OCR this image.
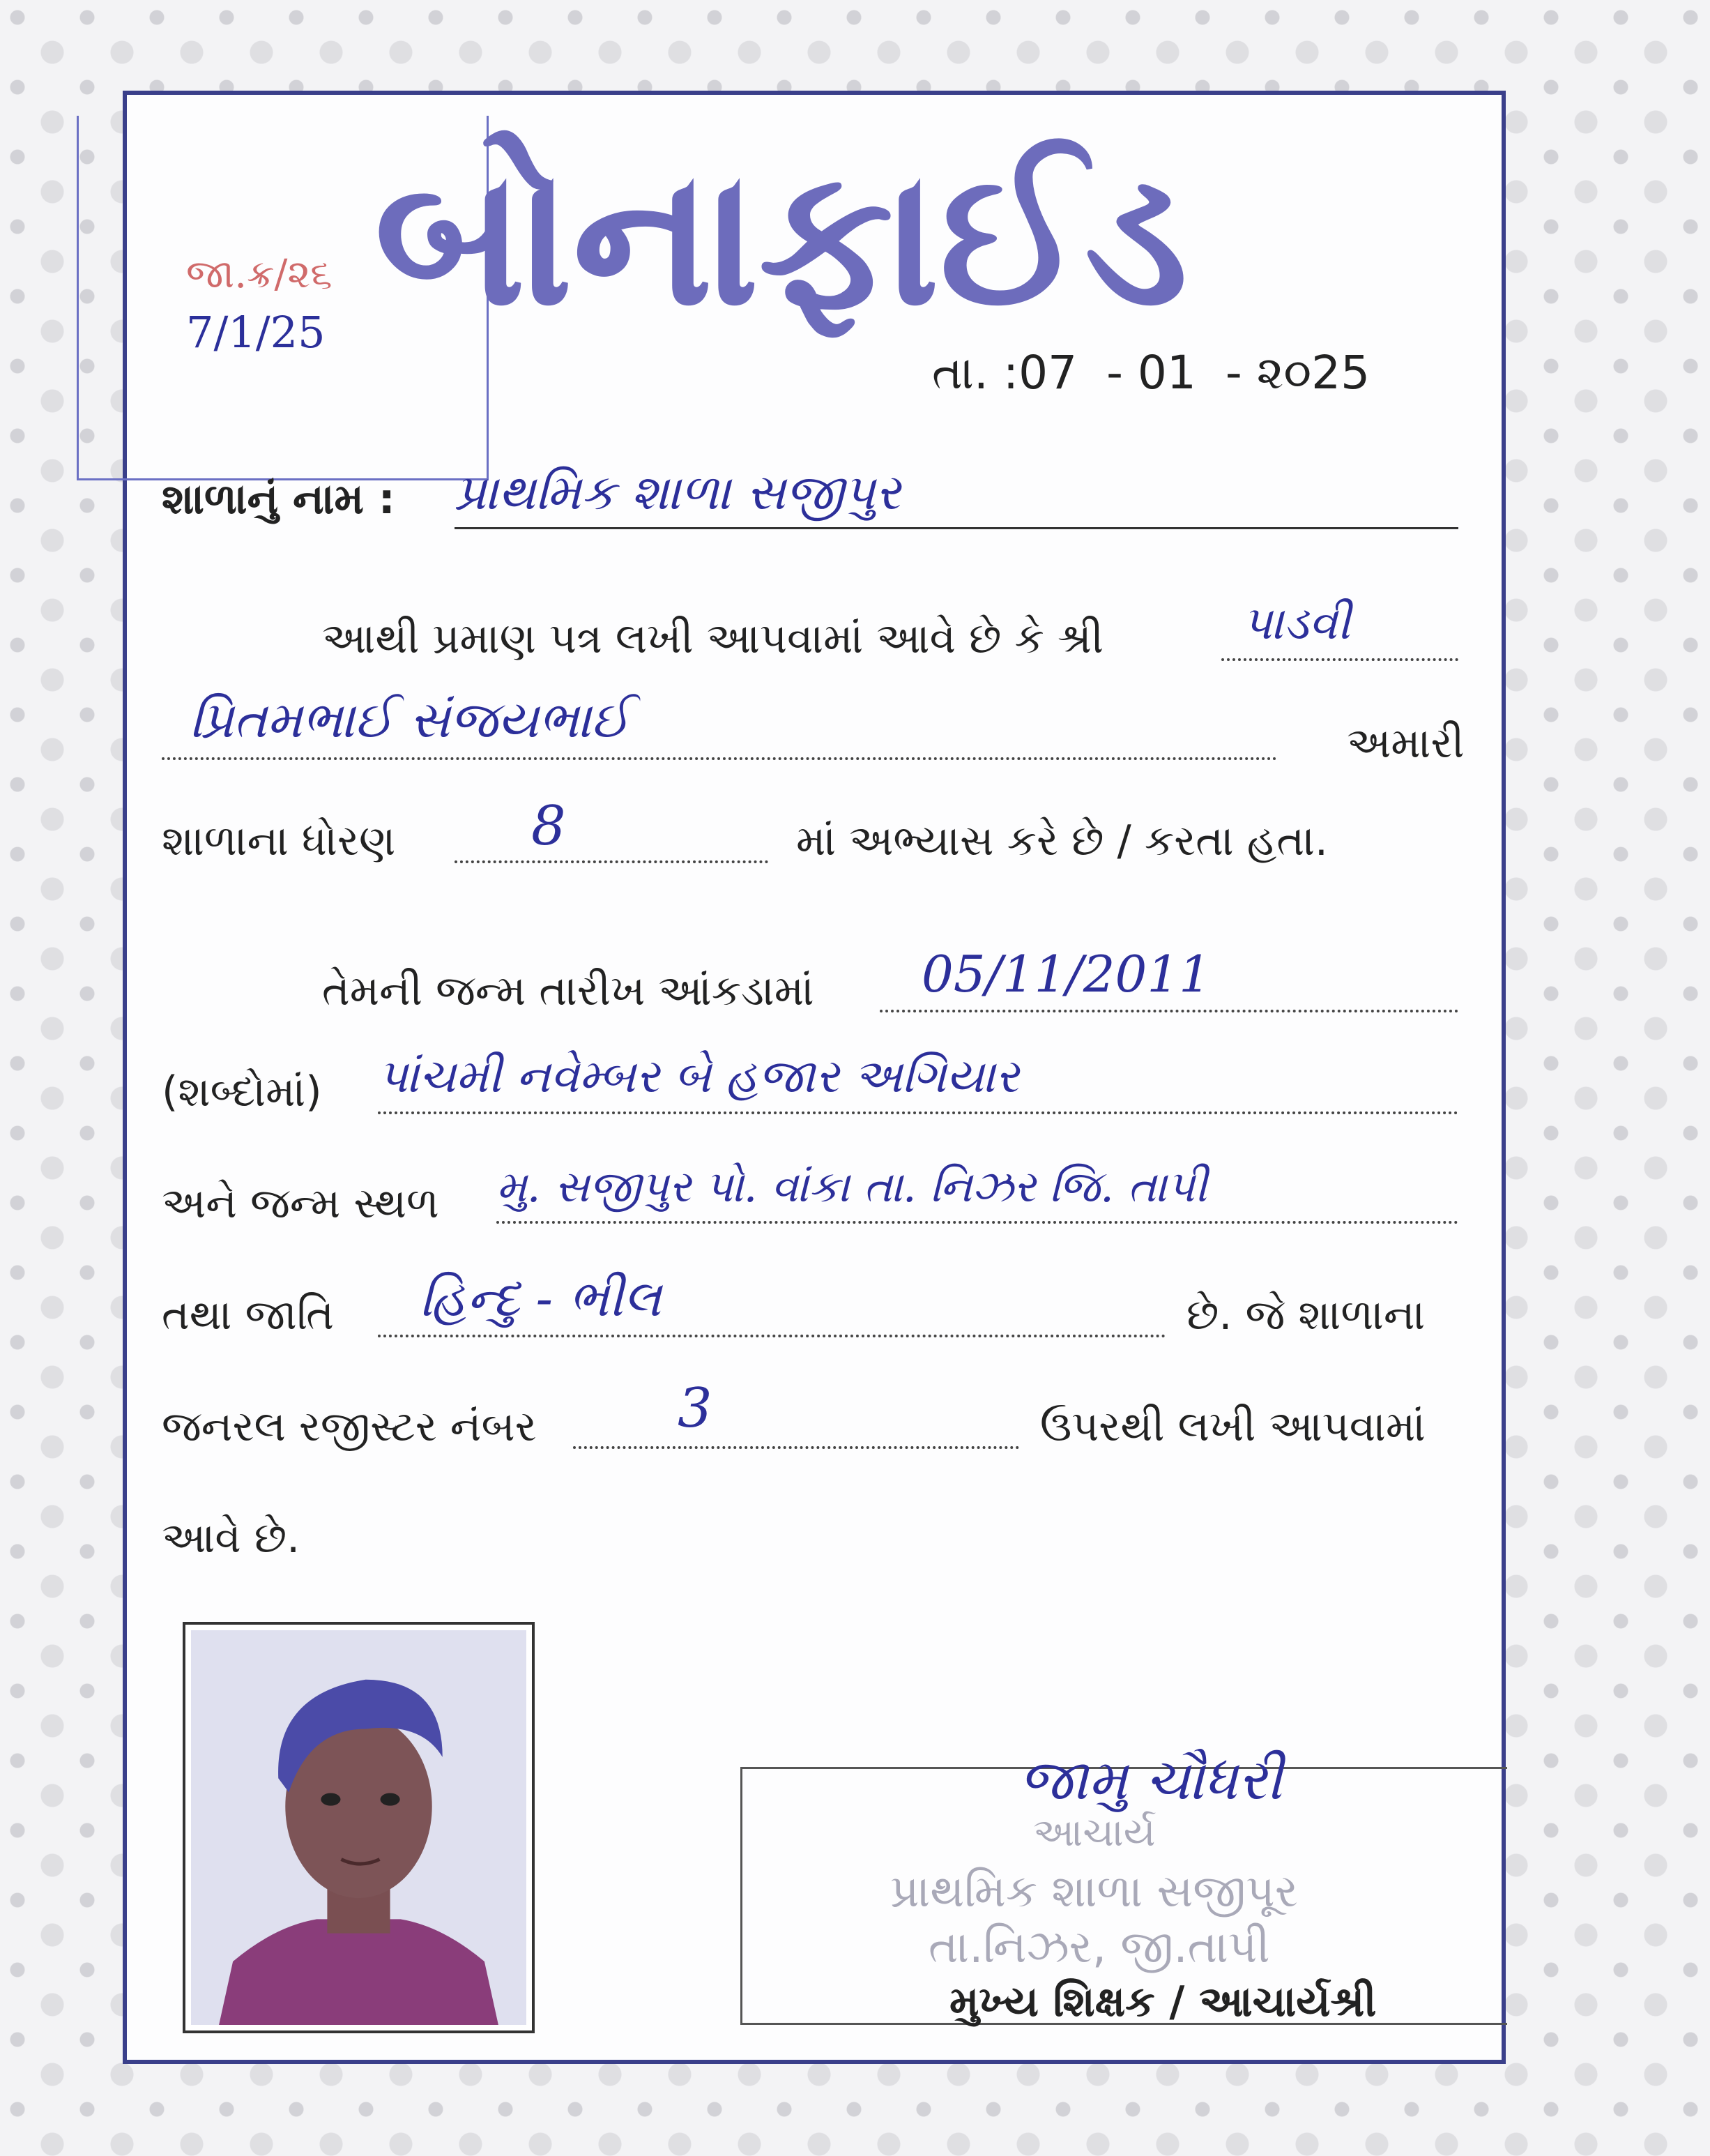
જા.ક્ર/૨૬
7/1/25 બોનાફાઈડ
તા. :07  - 01  - ૨૦25
શાળાનું નામ : પ્રાથમિક શાળા સજીપુર
આથી પ્રમાણ પત્ર લખી આપવામાં આવે છે કે શ્રી	પાડવી
પ્રિતમભાઈ સંજયભાઈ	અમારી
શાળાના ધોરણ 8	માં અભ્યાસ કરે છે / કરતા હતા.
તેમની જન્મ તારીખ આંકડામાં 05/11/2011
(શબ્દોમાં) પાંચમી નવેમ્બર બે હજાર અગિયાર
અને જન્મ સ્થળ મુ. સજીપુર પો. વાંકા તા. નિઝર જિ. તાપી
તથા જાતિ હિન્દુ - ભીલ	છે. જે શાળાના
જનરલ રજીસ્ટર નંબર	3	ઉપરથી લખી આપવામાં
આવે છે.
જામુ ચૌધરી
આચાર્ય
પ્રાથમિક શાળા સજીપૂર
તા.નિઝર, જી.તાપી
મુખ્ય શિક્ષક / આચાર્યશ્રી
